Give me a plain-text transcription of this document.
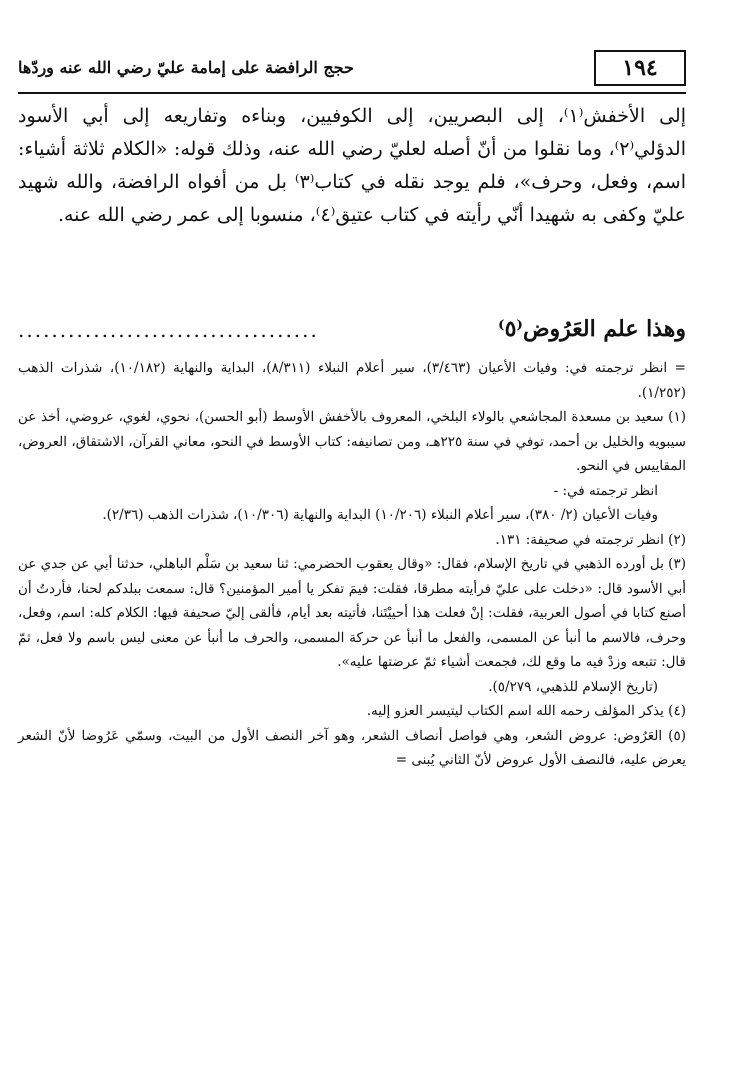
١٩٤
حجج الرافضة على إمامة عليّ رضي الله عنه وردّها

إلى الأخفش⁽١⁾، إلى البصريين، إلى الكوفيين، وبناءه وتفاريعه إلى أبي الأسود الدؤلي⁽٢⁾، وما نقلوا من أنّ أصله لعليّ رضي الله عنه، وذلك قوله: «الكلام ثلاثة أشياء: اسم، وفعل، وحرف»، فلم يوجد نقله في كتاب⁽٣⁾ بل من أفواه الرافضة، والله شهيد عليّ وكفى به شهيدا أنّي رأيته في كتاب عتيق⁽٤⁾، منسوبا إلى عمر رضي الله عنه.

وهذا علم العَرُوض⁽٥⁾
....................................

= انظر ترجمته في: وفيات الأعيان (٣/٤٦٣)، سير أعلام النبلاء (٨/٣١١)، البداية والنهاية (١٠/١٨٢)، شذرات الذهب (١/٢٥٢).

(١) سعيد بن مسعدة المجاشعي بالولاء البلخي، المعروف بالأخفش الأوسط (أبو الحسن)، نحوي، لغوي، عروضي، أخذ عن سيبويه والخليل بن أحمد، توفي في سنة ٢٢٥هـ، ومن تصانيفه: كتاب الأوسط في النحو، معاني القرآن، الاشتقاق، العروض، المقاييس في النحو.

انظر ترجمته في: -

وفيات الأعيان (٢/ ٣٨٠)، سير أعلام النبلاء (١٠/٢٠٦) البداية والنهاية (١٠/٣٠٦)، شذرات الذهب (٢/٣٦).

(٢) انظر ترجمته في صحيفة: ١٣١.

(٣) بل أورده الذهبي في تاريخ الإسلام، فقال: «وقال يعقوب الحضرمي: ثنا سعيد بن سَلْم الباهلي، حدثنا أبي عن جدي عن أبي الأسود قال: «دخلت على عليّ فرأيته مطرقا، فقلت: فيمَ تفكر يا أمير المؤمنين؟ قال: سمعت ببلدكم لحنا، فأردتُ أن أصنع كتابا في أصول العربية، فقلت: إنْ فعلت هذا أحييْتَنا، فأتيته بعد أيام، فألقى إليّ صحيفة فيها: الكلام كله: اسم، وفعل، وحرف، فالاسم ما أنبأ عن المسمى، والفعل ما أنبأ عن حركة المسمى، والحرف ما أنبأ عن معنى ليس باسم ولا فعل، ثمّ قال: تتبعه وزدْ فيه ما وقع لك، فجمعت أشياء ثمّ عرضتها عليه».

(تاريخ الإسلام للذهبي، ٥/٢٧٩).

(٤) يذكر المؤلف رحمه الله اسم الكتاب ليتيسر العزو إليه.

(٥) العَرُوض: عروض الشعر، وهي فواصل أنصاف الشعر، وهو آخر النصف الأول من البيت، وسمّي عَرُوضا لأنّ الشعر يعرض عليه، فالنصف الأول عروض لأنّ الثاني يُبنى =
